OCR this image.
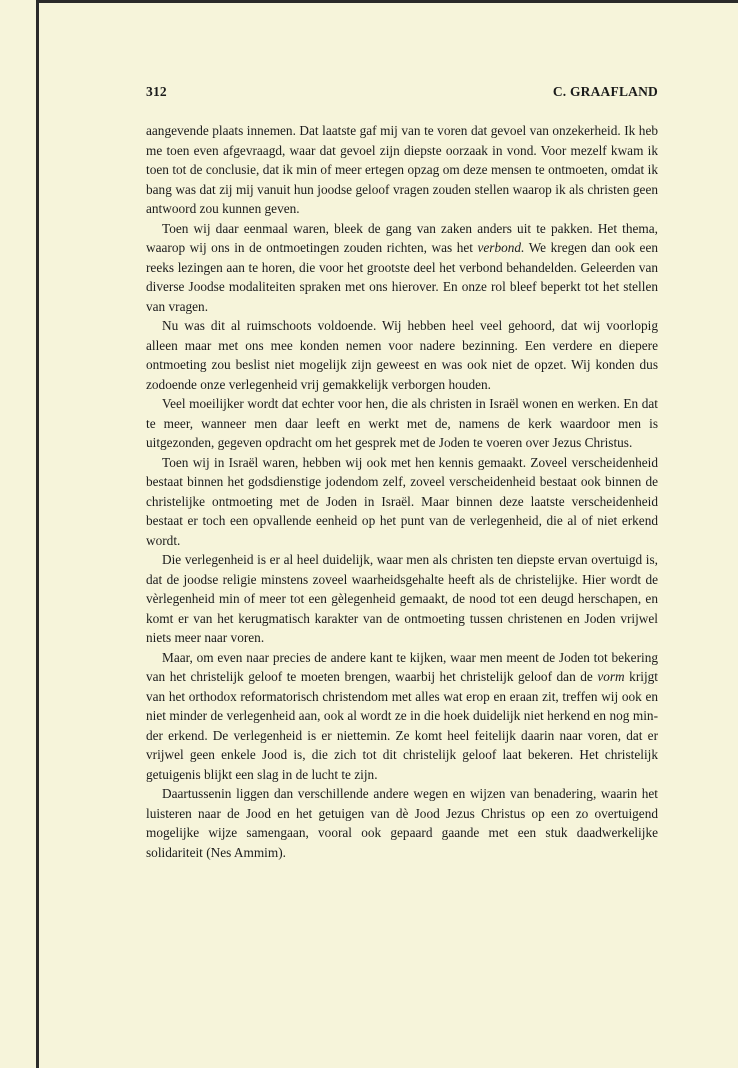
312	C. GRAAFLAND

aangevende plaats innemen. Dat laatste gaf mij van te voren dat gevoel van onzekerheid. Ik heb me toen even afgevraagd, waar dat gevoel zijn diepste oorzaak in vond. Voor mezelf kwam ik toen tot de conclusie, dat ik min of meer ertegen opzag om deze mensen te ontmoeten, omdat ik bang was dat zij mij vanuit hun joodse geloof vragen zouden stellen waarop ik als christen geen antwoord zou kunnen geven.

Toen wij daar eenmaal waren, bleek de gang van zaken anders uit te pakken. Het thema, waarop wij ons in de ontmoetingen zouden richten, was het verbond. We kregen dan ook een reeks lezingen aan te horen, die voor het grootste deel het verbond behandelden. Geleerden van diverse Joodse modaliteiten spraken met ons hierover. En onze rol bleef beperkt tot het stellen van vragen.

Nu was dit al ruimschoots voldoende. Wij hebben heel veel gehoord, dat wij voorlopig alleen maar met ons mee konden nemen voor nadere bezinning. Een verdere en diepere ontmoeting zou beslist niet mogelijk zijn geweest en was ook niet de opzet. Wij konden dus zodoende onze verlegenheid vrij gemakkelijk verborgen houden.

Veel moeilijker wordt dat echter voor hen, die als christen in Israël wonen en werken. En dat te meer, wanneer men daar leeft en werkt met de, namens de kerk waardoor men is uitgezonden, gegeven opdracht om het gesprek met de Joden te voeren over Jezus Christus.

Toen wij in Israël waren, hebben wij ook met hen kennis gemaakt. Zoveel verscheidenheid bestaat binnen het godsdienstige jodendom zelf, zoveel verscheidenheid bestaat ook binnen de christelijke ontmoeting met de Joden in Israël. Maar binnen deze laatste verscheidenheid bestaat er toch een opvallende eenheid op het punt van de verlegenheid, die al of niet erkend wordt.

Die verlegenheid is er al heel duidelijk, waar men als christen ten diepste ervan overtuigd is, dat de joodse religie minstens zoveel waarheidsgehalte heeft als de christelijke. Hier wordt de vèrlegenheid min of meer tot een gèlegenheid gemaakt, de nood tot een deugd herschapen, en komt er van het kerugmatisch karakter van de ontmoeting tussen christenen en Joden vrijwel niets meer naar voren.

Maar, om even naar precies de andere kant te kijken, waar men meent de Joden tot bekering van het christelijk geloof te moeten brengen, waarbij het christelijk geloof dan de vorm krijgt van het orthodox reformatorisch christendom met alles wat erop en eraan zit, treffen wij ook en niet minder de verlegenheid aan, ook al wordt ze in die hoek duidelijk niet herkend en nog minder erkend. De verlegenheid is er niettemin. Ze komt heel feitelijk daarin naar voren, dat er vrijwel geen enkele Jood is, die zich tot dit christelijk geloof laat bekeren. Het christelijk getuigenis blijkt een slag in de lucht te zijn.

Daartussenin liggen dan verschillende andere wegen en wijzen van benadering, waarin het luisteren naar de Jood en het getuigen van dè Jood Jezus Christus op een zo overtuigend mogelijke wijze samengaan, vooral ook gepaard gaande met een stuk daadwerkelijke solidariteit (Nes Ammim).
